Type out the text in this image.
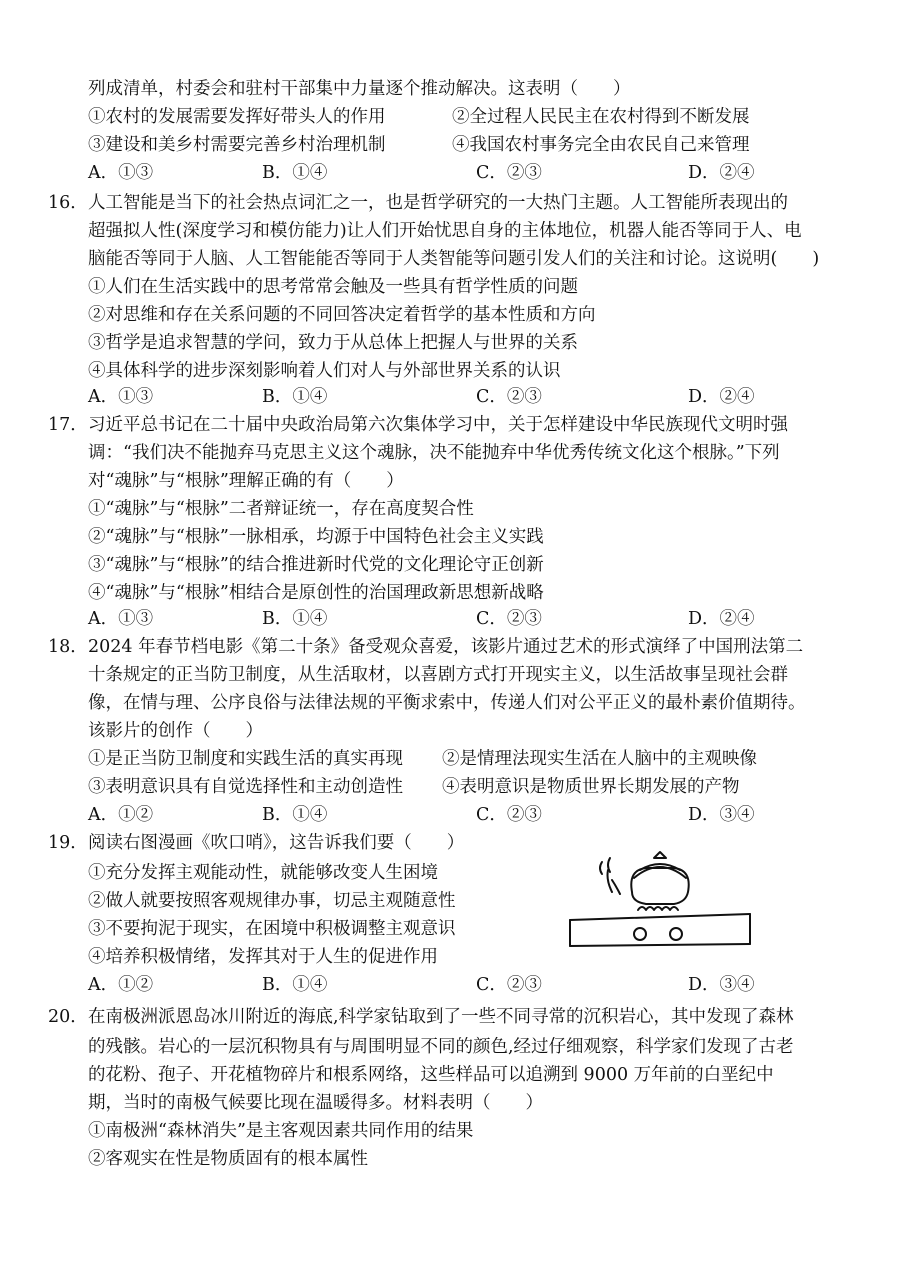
列成清单，村委会和驻村干部集中力量逐个推动解决。这表明（　　）
①农村的发展需要发挥好带头人的作用	②全过程人民民主在农村得到不断发展
③建设和美乡村需要完善乡村治理机制	④我国农村事务完全由农民自己来管理
A．①③	B．①④	C．②③	D．②④
16． 人工智能是当下的社会热点词汇之一，也是哲学研究的一大热门主题。人工智能所表现出的
超强拟人性(深度学习和模仿能力)让人们开始忧思自身的主体地位，机器人能否等同于人、电
脑能否等同于人脑、人工智能能否等同于人类智能等问题引发人们的关注和讨论。这说明(　　)
①人们在生活实践中的思考常常会触及一些具有哲学性质的问题
②对思维和存在关系问题的不同回答决定着哲学的基本性质和方向
③哲学是追求智慧的学问，致力于从总体上把握人与世界的关系
④具体科学的进步深刻影响着人们对人与外部世界关系的认识
A．①③	B．①④	C．②③	D．②④
17． 习近平总书记在二十届中央政治局第六次集体学习中，关于怎样建设中华民族现代文明时强
调：“我们决不能抛弃马克思主义这个魂脉，决不能抛弃中华优秀传统文化这个根脉。”下列
对“魂脉”与“根脉”理解正确的有（　　）
①“魂脉”与“根脉”二者辩证统一，存在高度契合性
②“魂脉”与“根脉”一脉相承，均源于中国特色社会主义实践
③“魂脉”与“根脉”的结合推进新时代党的文化理论守正创新
④“魂脉”与“根脉”相结合是原创性的治国理政新思想新战略
A．①③	B．①④	C．②③	D．②④
18． 2024 年春节档电影《第二十条》备受观众喜爱，该影片通过艺术的形式演绎了中国刑法第二
十条规定的正当防卫制度，从生活取材，以喜剧方式打开现实主义，以生活故事呈现社会群
像，在情与理、公序良俗与法律法规的平衡求索中，传递人们对公平正义的最朴素价值期待。
该影片的创作（　　）
①是正当防卫制度和实践生活的真实再现 ②是情理法现实生活在人脑中的主观映像
③表明意识具有自觉选择性和主动创造性 ④表明意识是物质世界长期发展的产物
A．①②	B．①④	C．②③	D．③④
19． 阅读右图漫画《吹口哨》，这告诉我们要（　　）
①充分发挥主观能动性，就能够改变人生困境
②做人就要按照客观规律办事，切忌主观随意性
③不要拘泥于现实，在困境中积极调整主观意识
④培养积极情绪，发挥其对于人生的促进作用
A．①②	B．①④	C．②③	D．③④
20． 在南极洲派恩岛冰川附近的海底,科学家钻取到了一些不同寻常的沉积岩心，其中发现了森林
的残骸。岩心的一层沉积物具有与周围明显不同的颜色,经过仔细观察，科学家们发现了古老
的花粉、孢子、开花植物碎片和根系网络，这些样品可以追溯到 9000 万年前的白垩纪中
期，当时的南极气候要比现在温暖得多。材料表明（　　）
①南极洲“森林消失”是主客观因素共同作用的结果
②客观实在性是物质固有的根本属性
